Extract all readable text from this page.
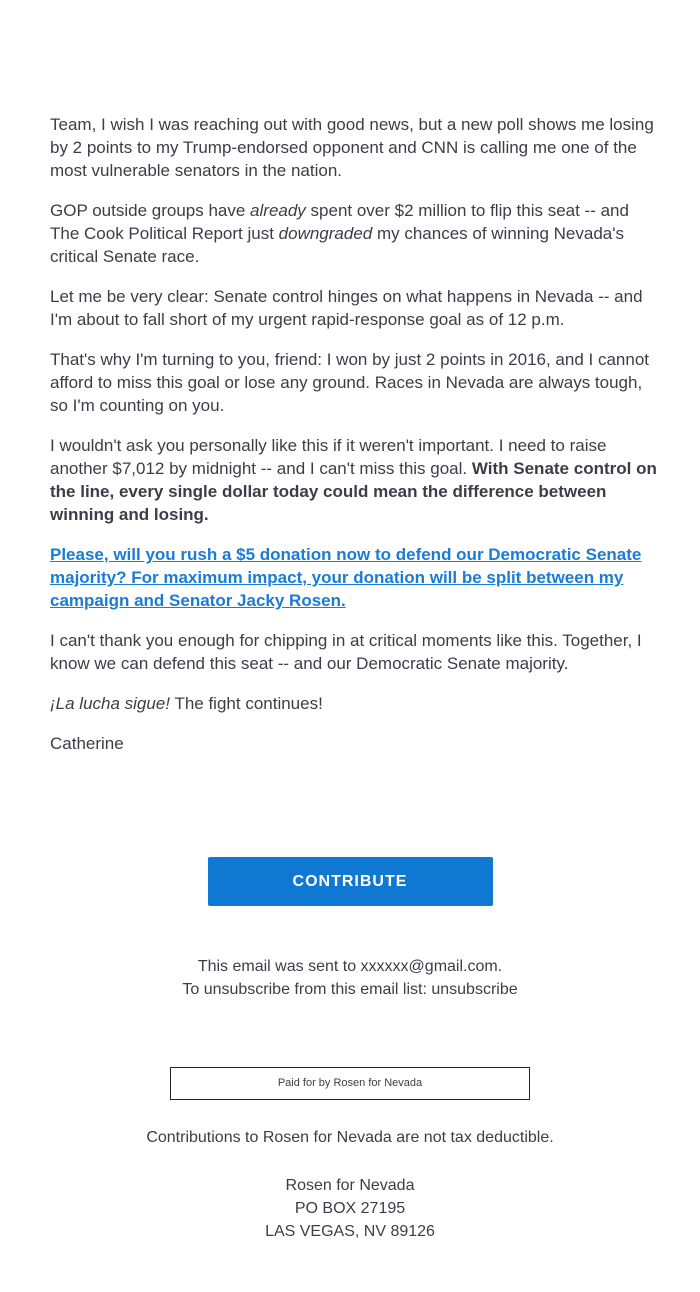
Team, I wish I was reaching out with good news, but a new poll shows me losing by 2 points to my Trump-endorsed opponent and CNN is calling me one of the most vulnerable senators in the nation.

GOP outside groups have already spent over $2 million to flip this seat -- and The Cook Political Report just downgraded my chances of winning Nevada's critical Senate race.

Let me be very clear: Senate control hinges on what happens in Nevada -- and I'm about to fall short of my urgent rapid-response goal as of 12 p.m.

That's why I'm turning to you, friend: I won by just 2 points in 2016, and I cannot afford to miss this goal or lose any ground. Races in Nevada are always tough, so I'm counting on you.

I wouldn't ask you personally like this if it weren't important. I need to raise another $7,012 by midnight -- and I can't miss this goal. With Senate control on the line, every single dollar today could mean the difference between winning and losing.

Please, will you rush a $5 donation now to defend our Democratic Senate majority? For maximum impact, your donation will be split between my campaign and Senator Jacky Rosen.

I can't thank you enough for chipping in at critical moments like this. Together, I know we can defend this seat -- and our Democratic Senate majority.

¡La lucha sigue! The fight continues!

Catherine

CONTRIBUTE
This email was sent to xxxxxx@gmail.com.
To unsubscribe from this email list: unsubscribe
Paid for by Rosen for Nevada
Contributions to Rosen for Nevada are not tax deductible.
Rosen for Nevada
PO BOX 27195
LAS VEGAS, NV 89126
